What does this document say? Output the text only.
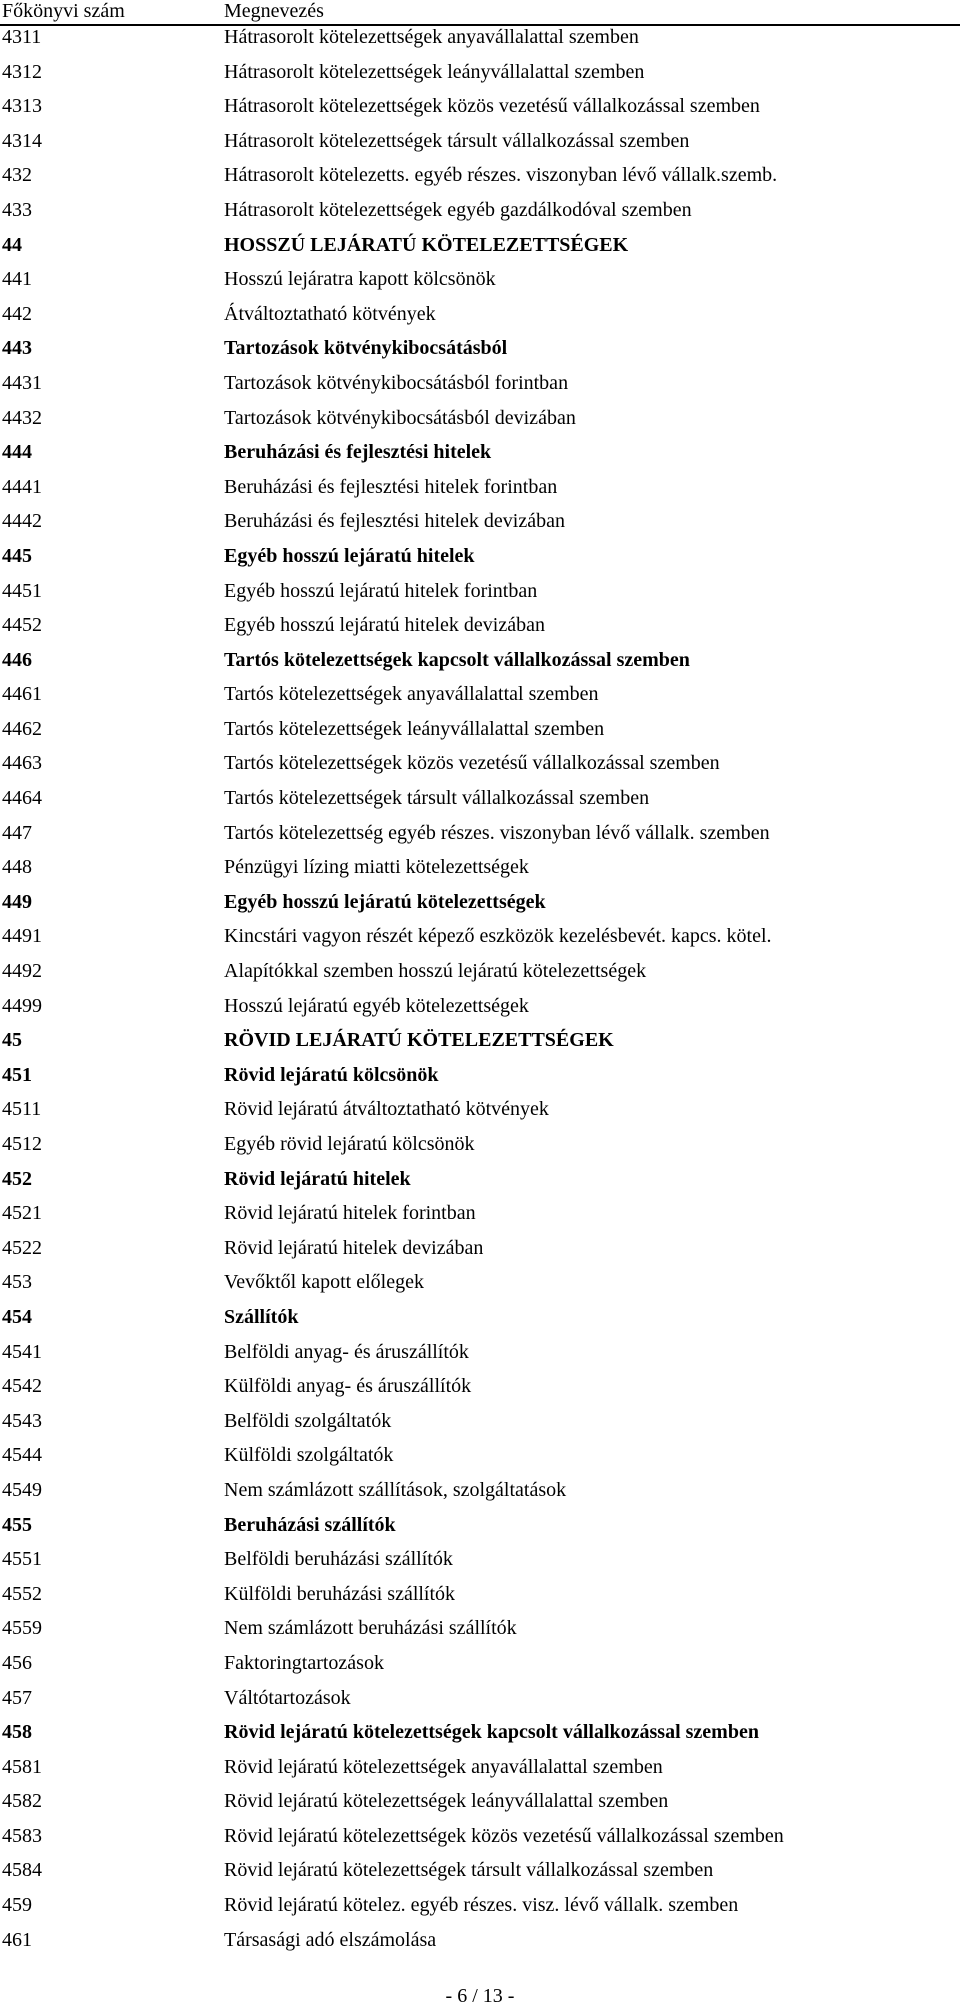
Főkönyvi szám	Megnevezés
4311	Hátrasorolt kötelezettségek anyavállalattal szemben
4312	Hátrasorolt kötelezettségek leányvállalattal szemben
4313	Hátrasorolt kötelezettségek közös vezetésű vállalkozással szemben
4314	Hátrasorolt kötelezettségek társult vállalkozással szemben
432	Hátrasorolt kötelezetts. egyéb részes. viszonyban lévő vállalk.szemb.
433	Hátrasorolt kötelezettségek egyéb gazdálkodóval szemben
44	HOSSZÚ LEJÁRATÚ KÖTELEZETTSÉGEK
441	Hosszú lejáratra kapott kölcsönök
442	Átváltoztatható kötvények
443	Tartozások kötvénykibocsátásból
4431	Tartozások kötvénykibocsátásból forintban
4432	Tartozások kötvénykibocsátásból devizában
444	Beruházási és fejlesztési hitelek
4441	Beruházási és fejlesztési hitelek forintban
4442	Beruházási és fejlesztési hitelek devizában
445	Egyéb hosszú lejáratú hitelek
4451	Egyéb hosszú lejáratú hitelek forintban
4452	Egyéb hosszú lejáratú hitelek devizában
446	Tartós kötelezettségek kapcsolt vállalkozással szemben
4461	Tartós kötelezettségek anyavállalattal szemben
4462	Tartós kötelezettségek leányvállalattal szemben
4463	Tartós kötelezettségek közös vezetésű vállalkozással szemben
4464	Tartós kötelezettségek társult vállalkozással szemben
447	Tartós kötelezettség egyéb részes. viszonyban lévő vállalk. szemben
448	Pénzügyi lízing miatti kötelezettségek
449	Egyéb hosszú lejáratú kötelezettségek
4491	Kincstári vagyon részét képező eszközök kezelésbevét. kapcs. kötel.
4492	Alapítókkal szemben hosszú lejáratú kötelezettségek
4499	Hosszú lejáratú egyéb kötelezettségek
45	RÖVID LEJÁRATÚ KÖTELEZETTSÉGEK
451	Rövid lejáratú kölcsönök
4511	Rövid lejáratú átváltoztatható kötvények
4512	Egyéb rövid lejáratú kölcsönök
452	Rövid lejáratú hitelek
4521	Rövid lejáratú hitelek forintban
4522	Rövid lejáratú hitelek devizában
453	Vevőktől kapott előlegek
454	Szállítók
4541	Belföldi anyag- és áruszállítók
4542	Külföldi anyag- és áruszállítók
4543	Belföldi szolgáltatók
4544	Külföldi szolgáltatók
4549	Nem számlázott szállítások, szolgáltatások
455	Beruházási szállítók
4551	Belföldi beruházási szállítók
4552	Külföldi beruházási szállítók
4559	Nem számlázott beruházási szállítók
456	Faktoringtartozások
457	Váltótartozások
458	Rövid lejáratú kötelezettségek kapcsolt vállalkozással szemben
4581	Rövid lejáratú kötelezettségek anyavállalattal szemben
4582	Rövid lejáratú kötelezettségek leányvállalattal szemben
4583	Rövid lejáratú kötelezettségek közös vezetésű vállalkozással szemben
4584	Rövid lejáratú kötelezettségek társult vállalkozással szemben
459	Rövid lejáratú kötelez. egyéb részes. visz. lévő vállalk. szemben
461	Társasági adó elszámolása
- 6 / 13 -
